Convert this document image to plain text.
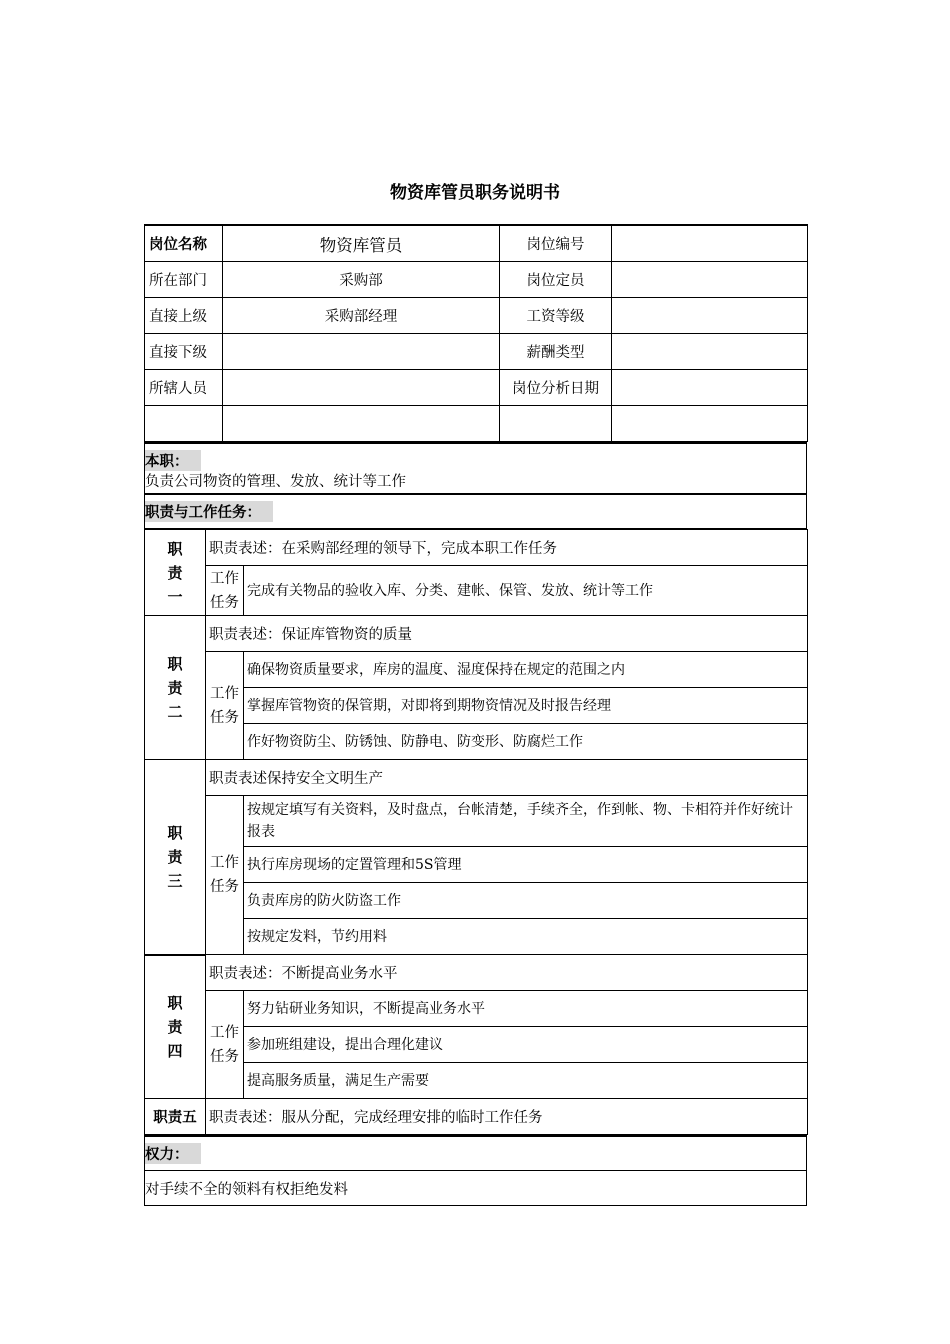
物资库管员职务说明书
岗位名称	物资库管员	岗位编号	
所在部门	采购部	岗位定员	
直接上级	采购部经理	工资等级	
直接下级		薪酬类型	
所辖人员		岗位分析日期	

本职：
负责公司物资的管理、发放、统计等工作

职责与工作任务：
职
责
一	职责表述：在采购部经理的领导下，完成本职工作任务	

	工作
任务	完成有关物品的验收入库、分类、建帐、保管、发放、统计等工作

职
责
二	职责表述：保证库管物资的质量	

	工作
任务	确保物资质量要求，库房的温度、湿度保持在规定的范围之内
		掌握库管物资的保管期，对即将到期物资情况及时报告经理
		作好物资防尘、防锈蚀、防静电、防变形、防腐烂工作

职
责
三	职责表述保持安全文明生产	

	工作
任务	按规定填写有关资料，及时盘点，台帐清楚，手续齐全，作到帐、物、卡相符并作好统计报表
		执行库房现场的定置管理和5S管理
		负责库房的防火防盗工作
		按规定发料，节约用料

职
责
四	职责表述：不断提高业务水平	

	工作
任务	努力钻研业务知识，不断提高业务水平
		参加班组建设，提出合理化建议
		提高服务质量，满足生产需要
职责五	职责表述：服从分配，完成经理安排的临时工作任务	
权力：
对手续不全的领料有权拒绝发料
